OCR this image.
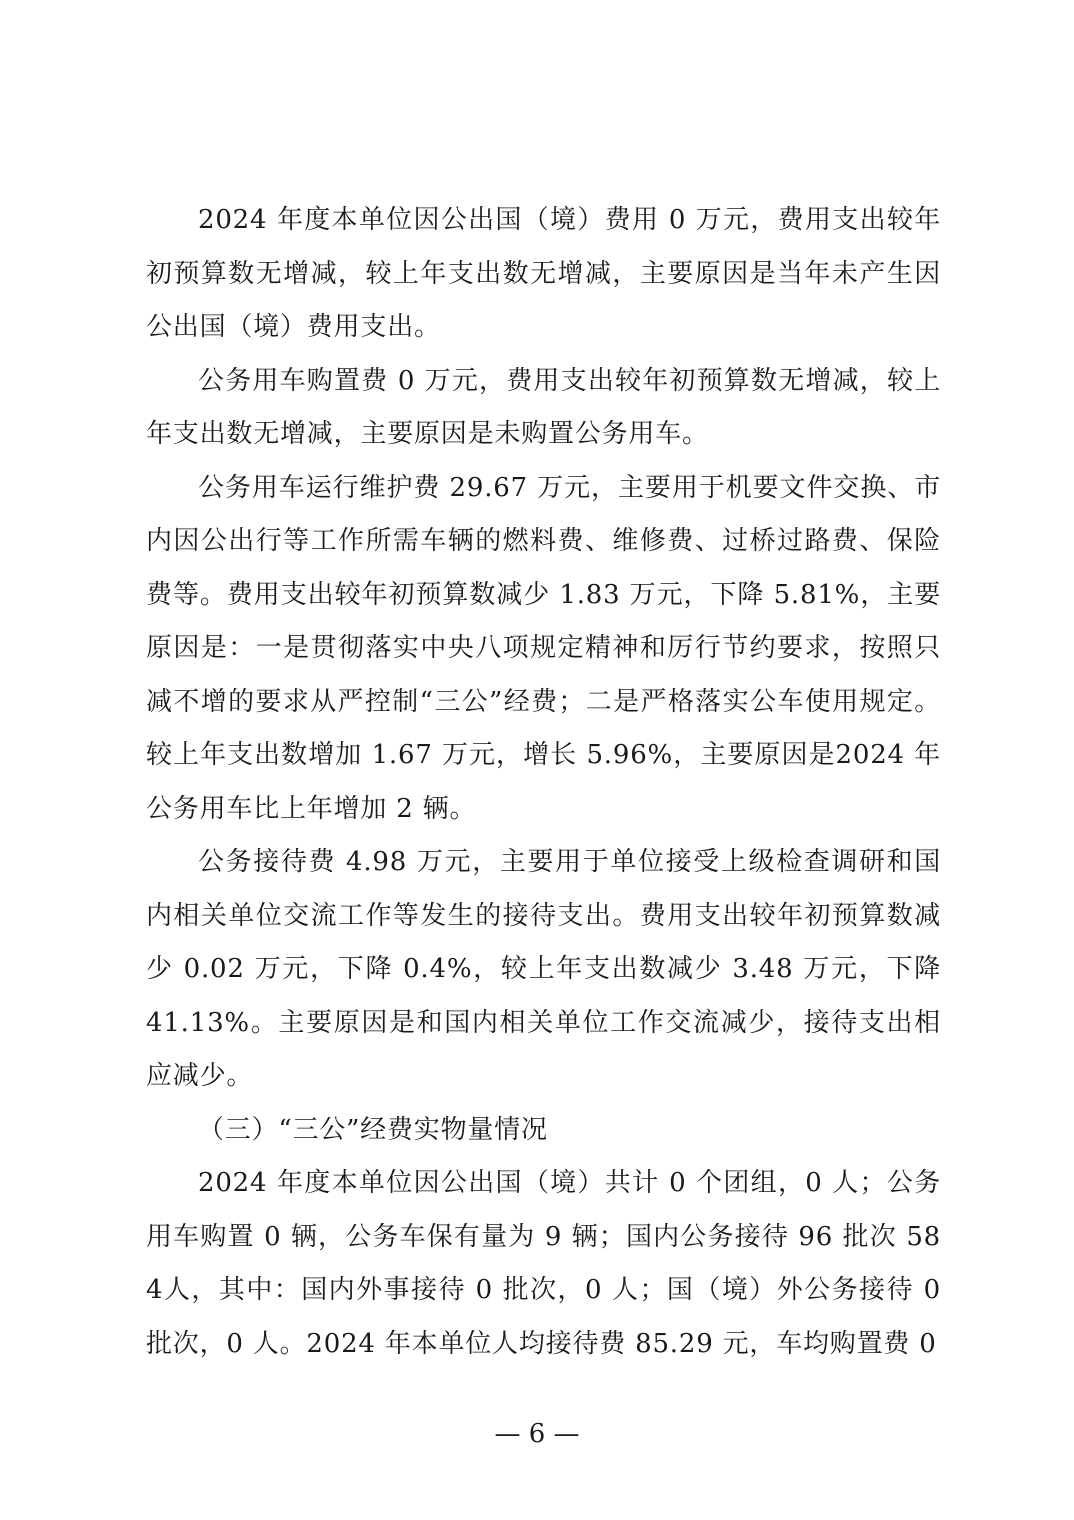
2024 年度本单位因公出国（境）费用 0 万元，费用支出较年初预算数无增减，较上年支出数无增减，主要原因是当年未产生因公出国（境）费用支出。

公务用车购置费 0 万元，费用支出较年初预算数无增减，较上年支出数无增减，主要原因是未购置公务用车。

公务用车运行维护费 29.67 万元，主要用于机要文件交换、市内因公出行等工作所需车辆的燃料费、维修费、过桥过路费、保险费等。费用支出较年初预算数减少 1.83 万元，下降 5.81%，主要原因是：一是贯彻落实中央八项规定精神和厉行节约要求，按照只减不增的要求从严控制“三公”经费；二是严格落实公车使用规定。较上年支出数增加 1.67 万元，增长 5.96%，主要原因是2024 年公务用车比上年增加 2 辆。

公务接待费 4.98 万元，主要用于单位接受上级检查调研和国内相关单位交流工作等发生的接待支出。费用支出较年初预算数减少 0.02 万元，下降 0.4%，较上年支出数减少 3.48 万元，下降 41.13%。主要原因是和国内相关单位工作交流减少，接待支出相应减少。

（三）“三公”经费实物量情况

2024 年度本单位因公出国（境）共计 0 个团组，0 人；公务用车购置 0 辆，公务车保有量为 9 辆；国内公务接待 96 批次 584人，其中：国内外事接待 0 批次，0 人；国（境）外公务接待 0批次，0 人。2024 年本单位人均接待费 85.29 元，车均购置费 0

— 6 —
